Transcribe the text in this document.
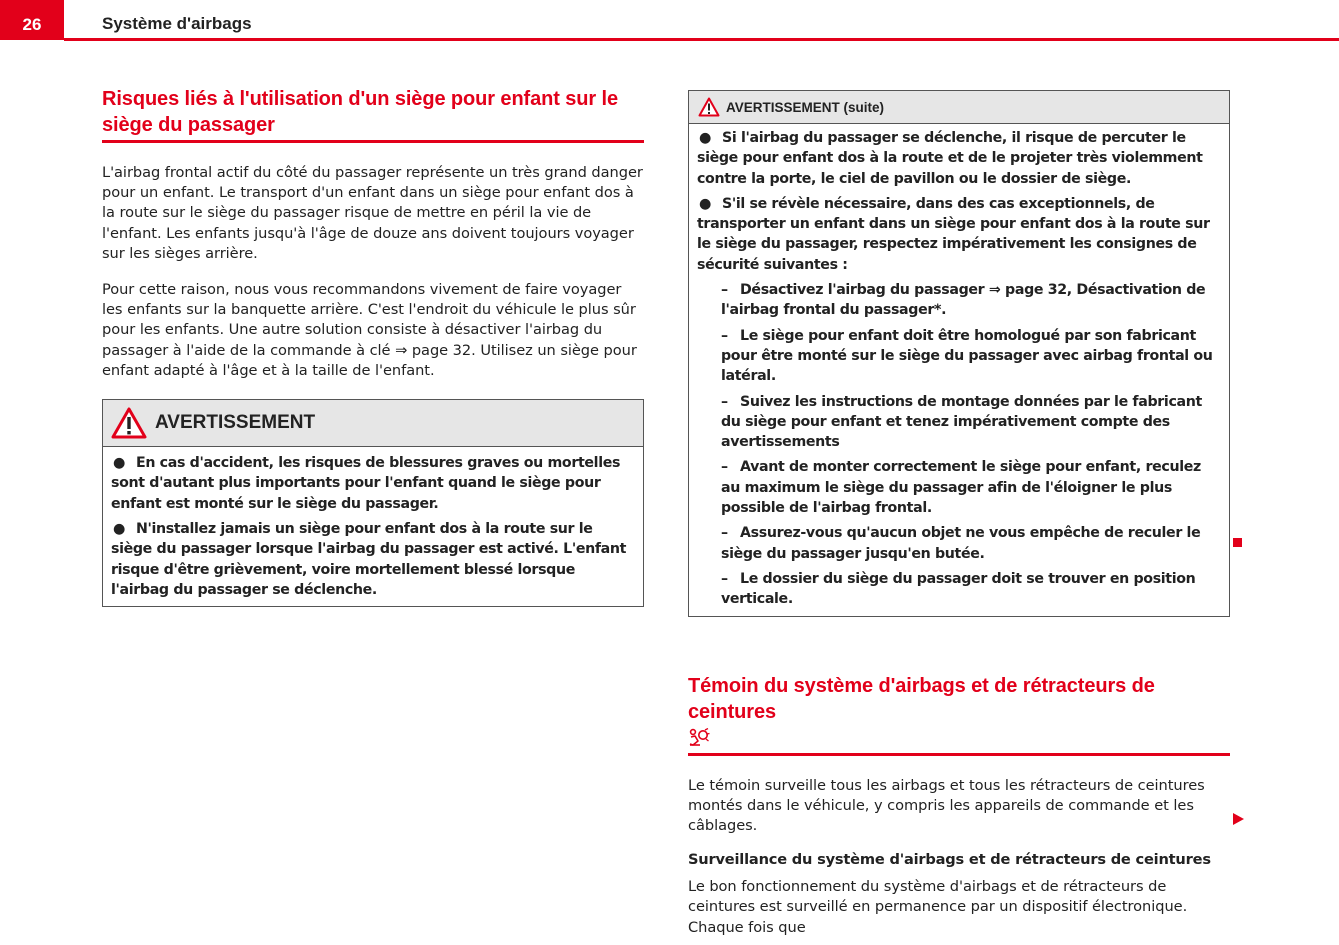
26	Système d'airbags
Risques liés à l'utilisation d'un siège pour enfant sur le siège du passager

L'airbag frontal actif du côté du passager représente un très grand danger pour un enfant. Le transport d'un enfant dans un siège pour enfant dos à la route sur le siège du passager risque de mettre en péril la vie de l'enfant. Les enfants jusqu'à l'âge de douze ans doivent toujours voyager sur les sièges arrière.

Pour cette raison, nous vous recommandons vivement de faire voyager les enfants sur la banquette arrière. C'est l'endroit du véhicule le plus sûr pour les enfants. Une autre solution consiste à désactiver l'airbag du passager à l'aide de la commande à clé ⇒ page 32. Utilisez un siège pour enfant adapté à l'âge et à la taille de l'enfant.

AVERTISSEMENT

● En cas d'accident, les risques de blessures graves ou mortelles sont d'autant plus importants pour l'enfant quand le siège pour enfant est monté sur le siège du passager.

● N'installez jamais un siège pour enfant dos à la route sur le siège du passager lorsque l'airbag du passager est activé. L'enfant risque d'être grièvement, voire mortellement blessé lorsque l'airbag du passager se déclenche.

AVERTISSEMENT (suite)

● Si l'airbag du passager se déclenche, il risque de percuter le siège pour enfant dos à la route et de le projeter très violemment contre la porte, le ciel de pavillon ou le dossier de siège.

● S'il se révèle nécessaire, dans des cas exceptionnels, de transporter un enfant dans un siège pour enfant dos à la route sur le siège du passager, respectez impérativement les consignes de sécurité suivantes :

– Désactivez l'airbag du passager ⇒ page 32, Désactivation de l'airbag frontal du passager*.

– Le siège pour enfant doit être homologué par son fabricant pour être monté sur le siège du passager avec airbag frontal ou latéral.

– Suivez les instructions de montage données par le fabricant du siège pour enfant et tenez impérativement compte des avertissements

– Avant de monter correctement le siège pour enfant, reculez au maximum le siège du passager afin de l'éloigner le plus possible de l'airbag frontal.

– Assurez-vous qu'aucun objet ne vous empêche de reculer le siège du passager jusqu'en butée.

– Le dossier du siège du passager doit se trouver en position verticale.

Témoin du système d'airbags et de rétracteurs de ceintures

Le témoin surveille tous les airbags et tous les rétracteurs de ceintures montés dans le véhicule, y compris les appareils de commande et les câblages.

Surveillance du système d'airbags et de rétracteurs de ceintures

Le bon fonctionnement du système d'airbags et de rétracteurs de ceintures est surveillé en permanence par un dispositif électronique. Chaque fois que
